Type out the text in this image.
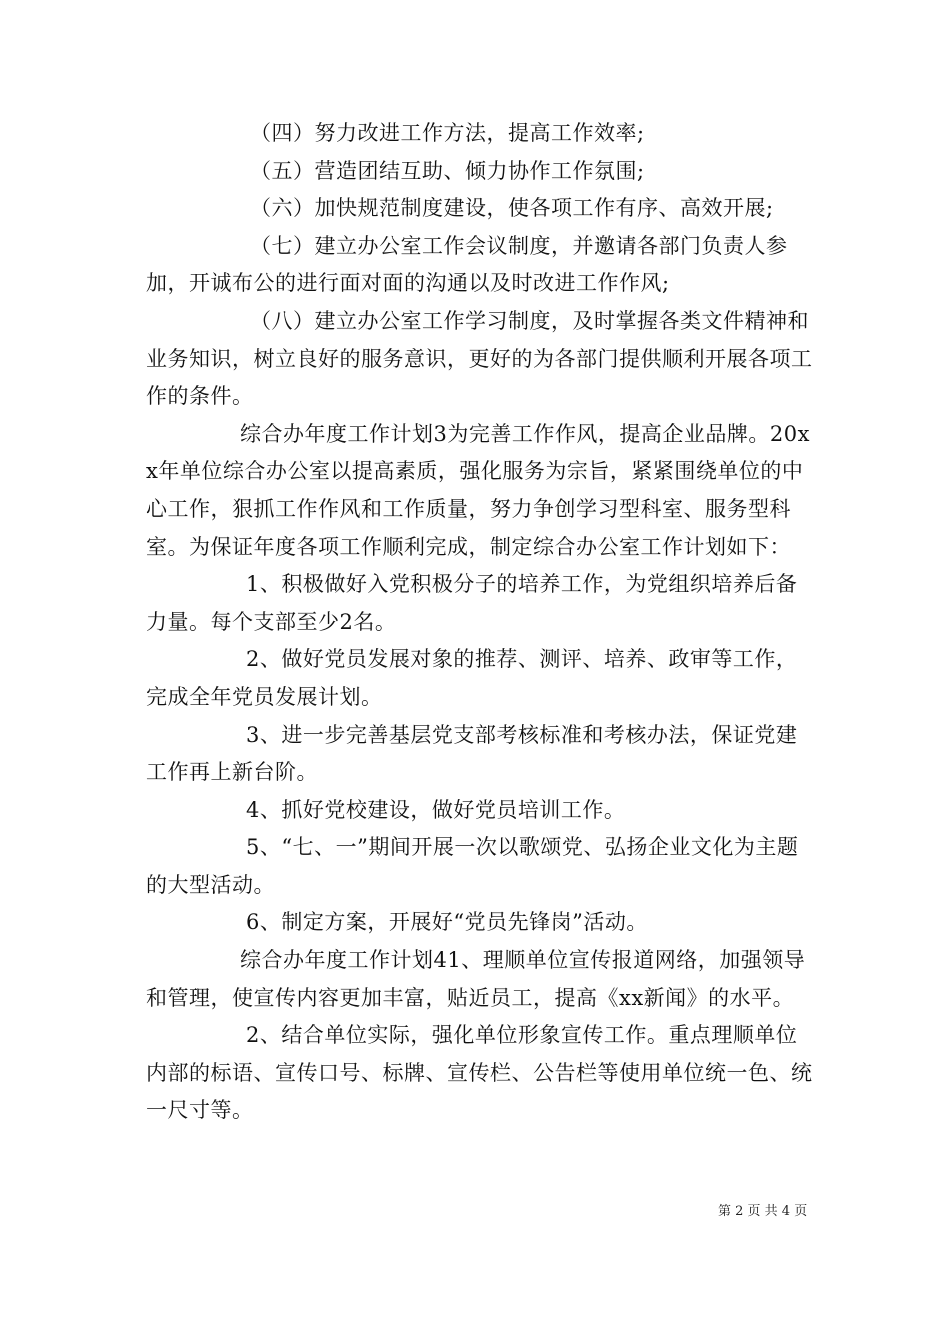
（四）努力改进工作方法，提高工作效率;

（五）营造团结互助、倾力协作工作氛围;

（六）加快规范制度建设，使各项工作有序、高效开展;

（七）建立办公室工作会议制度，并邀请各部门负责人参加，开诚布公的进行面对面的沟通以及时改进工作作风;

（八）建立办公室工作学习制度，及时掌握各类文件精神和业务知识，树立良好的服务意识，更好的为各部门提供顺利开展各项工作的条件。

综合办年度工作计划3为完善工作作风，提高企业品牌。20xx年单位综合办公室以提高素质，强化服务为宗旨，紧紧围绕单位的中心工作，狠抓工作作风和工作质量，努力争创学习型科室、服务型科室。为保证年度各项工作顺利完成，制定综合办公室工作计划如下：

1、积极做好入党积极分子的培养工作，为党组织培养后备力量。每个支部至少2名。

2、做好党员发展对象的推荐、测评、培养、政审等工作，完成全年党员发展计划。

3、进一步完善基层党支部考核标准和考核办法，保证党建工作再上新台阶。

4、抓好党校建设，做好党员培训工作。

5、“七、一”期间开展一次以歌颂党、弘扬企业文化为主题的大型活动。

6、制定方案，开展好“党员先锋岗”活动。

综合办年度工作计划41、理顺单位宣传报道网络，加强领导和管理，使宣传内容更加丰富，贴近员工，提高《xx新闻》的水平。

2、结合单位实际，强化单位形象宣传工作。重点理顺单位内部的标语、宣传口号、标牌、宣传栏、公告栏等使用单位统一色、统一尺寸等。

第 2 页 共 4 页
